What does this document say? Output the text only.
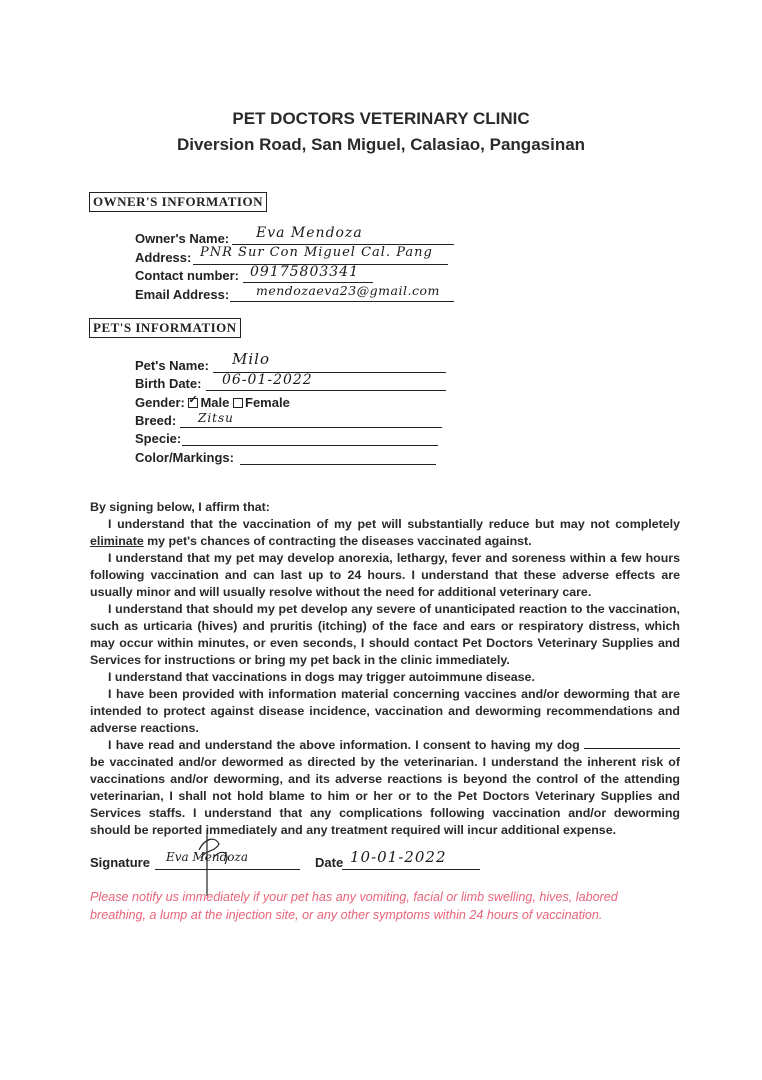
PET DOCTORS VETERINARY CLINIC
Diversion Road, San Miguel, Calasiao, Pangasinan
OWNER'S INFORMATION
Owner's Name: Eva Mendoza
Address: PNR Sur Con Miguel Cal. Pang
Contact number: 09175803341
Email Address: mendozaeva23@gmail.com
PET'S INFORMATION
Pet's Name: Milo
Birth Date: 06-01-2022
Gender: ✓ Male Female
Breed: Zitsu
Specie:
Color/Markings:

By signing below, I affirm that:

I understand that the vaccination of my pet will substantially reduce but may not completely eliminate my pet's chances of contracting the diseases vaccinated against.

I understand that my pet may develop anorexia, lethargy, fever and soreness within a few hours following vaccination and can last up to 24 hours. I understand that these adverse effects are usually minor and will usually resolve without the need for additional veterinary care.

I understand that should my pet develop any severe of unanticipated reaction to the vaccination, such as urticaria (hives) and pruritis (itching) of the face and ears or respiratory distress, which may occur within minutes, or even seconds, I should contact Pet Doctors Veterinary Supplies and Services for instructions or bring my pet back in the clinic immediately.

I understand that vaccinations in dogs may trigger autoimmune disease.

I have been provided with information material concerning vaccines and/or deworming that are intended to protect against disease incidence, vaccination and deworming recommendations and adverse reactions.

I have read and understand the above information. I consent to having my dog  be vaccinated and/or dewormed as directed by the veterinarian. I understand the inherent risk of vaccinations and/or deworming, and its adverse reactions is beyond the control of the attending veterinarian, I shall not hold blame to him or her or to the Pet Doctors Veterinary Supplies and Services staffs. I understand that any complications following vaccination and/or deworming should be reported immediately and any treatment required will incur additional expense.

Signature Eva Mendoza	Date 10-01-2022
Please notify us immediately if your pet has any vomiting, facial or limb swelling, hives, labored breathing, a lump at the injection site, or any other symptoms within 24 hours of vaccination.
